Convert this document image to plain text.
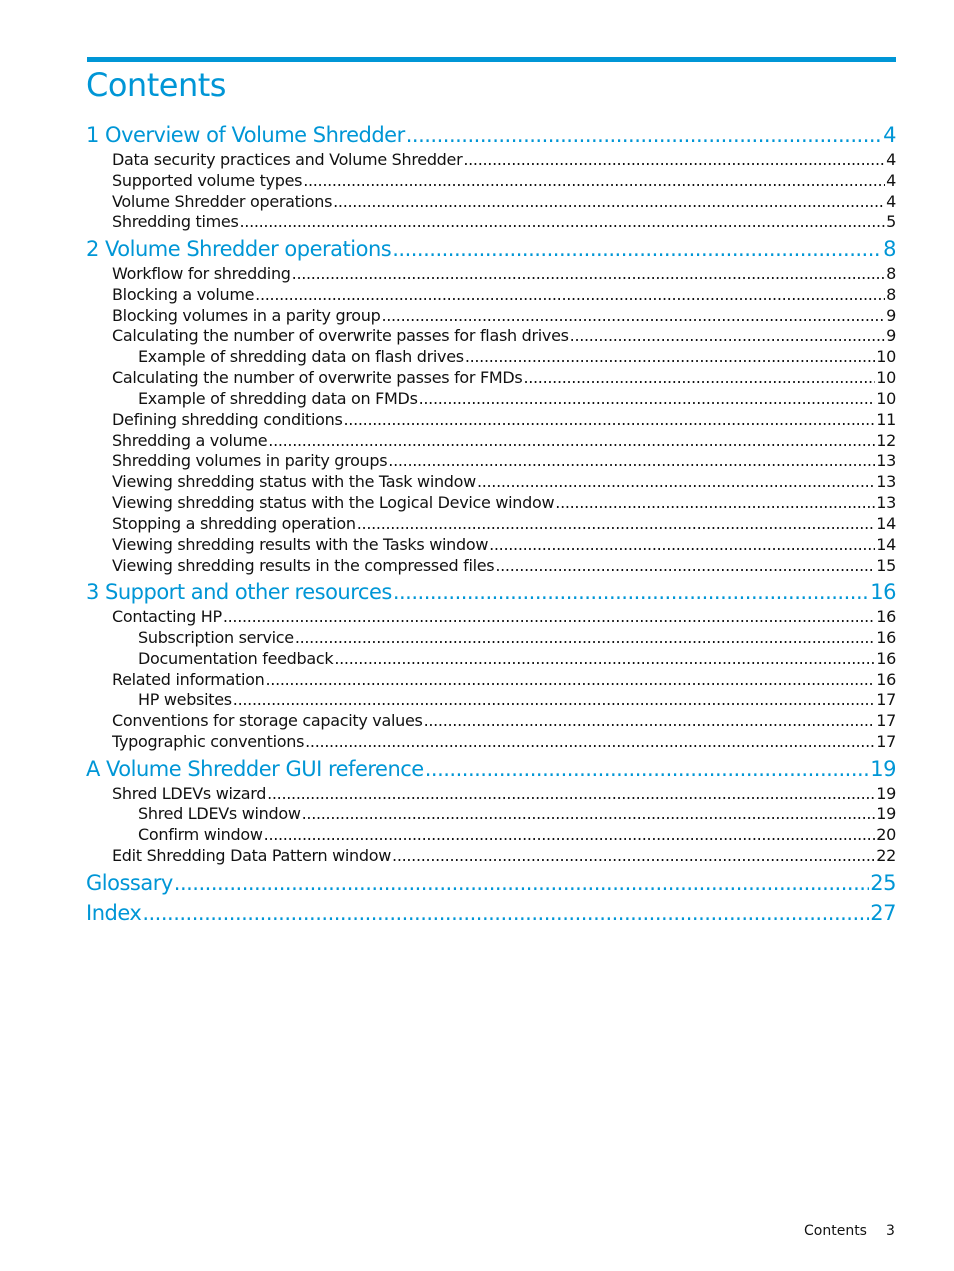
Contents
1 Overview of Volume Shredder .....	4
Data security practices and Volume Shredder .....	4
Supported volume types .....	4
Volume Shredder operations .....	4
Shredding times .....	5
2 Volume Shredder operations .....	8
Workflow for shredding .....	8
Blocking a volume .....	8
Blocking volumes in a parity group .....	9
Calculating the number of overwrite passes for flash drives .....	9
Example of shredding data on flash drives .....	10
Calculating the number of overwrite passes for FMDs .....	10
Example of shredding data on FMDs .....	10
Defining shredding conditions .....	11
Shredding a volume .....	12
Shredding volumes in parity groups .....	13
Viewing shredding status with the Task window .....	13
Viewing shredding status with the Logical Device window .....	13
Stopping a shredding operation .....	14
Viewing shredding results with the Tasks window .....	14
Viewing shredding results in the compressed files .....	15
3 Support and other resources .....	16
Contacting HP .....	16
Subscription service .....	16
Documentation feedback .....	16
Related information .....	16
HP websites .....	17
Conventions for storage capacity values .....	17
Typographic conventions .....	17
A Volume Shredder GUI reference .....	19
Shred LDEVs wizard .....	19
Shred LDEVs window .....	19
Confirm window .....	20
Edit Shredding Data Pattern window .....	22
Glossary .....	25
Index .....	27
Contents 3
